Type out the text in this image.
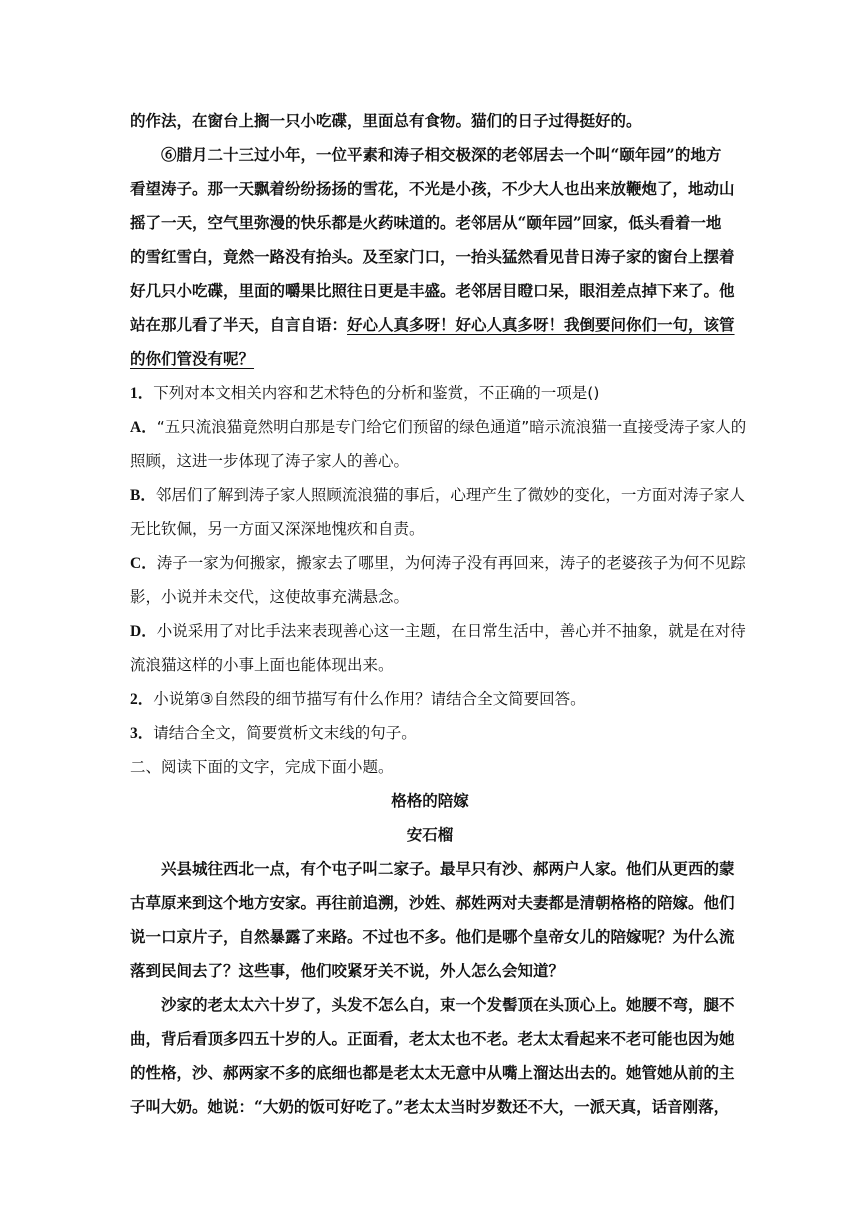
的作法，在窗台上搁一只小吃碟，里面总有食物。猫们的日子过得挺好的。
⑥腊月二十三过小年，一位平素和涛子相交极深的老邻居去一个叫“颐年园”的地方
看望涛子。那一天飘着纷纷扬扬的雪花，不光是小孩，不少大人也出来放鞭炮了，地动山
摇了一天，空气里弥漫的快乐都是火药味道的。老邻居从“颐年园”回家，低头看着一地
的雪红雪白，竟然一路没有抬头。及至家门口，一抬头猛然看见昔日涛子家的窗台上摆着
好几只小吃碟，里面的嚼果比照往日更是丰盛。老邻居目瞪口呆，眼泪差点掉下来了。他
站在那儿看了半天，自言自语：好心人真多呀！好心人真多呀！我倒要问你们一句，该管
的你们管没有呢？
1．下列对本文相关内容和艺术特色的分析和鉴赏，不正确的一项是()
A．“五只流浪猫竟然明白那是专门给它们预留的绿色通道”暗示流浪猫一直接受涛子家人的
照顾，这进一步体现了涛子家人的善心。
B．邻居们了解到涛子家人照顾流浪猫的事后，心理产生了微妙的变化，一方面对涛子家人
无比钦佩，另一方面又深深地愧疚和自责。
C．涛子一家为何搬家，搬家去了哪里，为何涛子没有再回来，涛子的老婆孩子为何不见踪
影，小说并未交代，这使故事充满悬念。
D．小说采用了对比手法来表现善心这一主题，在日常生活中，善心并不抽象，就是在对待
流浪猫这样的小事上面也能体现出来。
2．小说第③自然段的细节描写有什么作用？请结合全文简要回答。
3．请结合全文，简要赏析文末线的句子。
二、阅读下面的文字，完成下面小题。
格格的陪嫁
安石榴
兴县城往西北一点，有个屯子叫二家子。最早只有沙、郝两户人家。他们从更西的蒙
古草原来到这个地方安家。再往前追溯，沙姓、郝姓两对夫妻都是清朝格格的陪嫁。他们
说一口京片子，自然暴露了来路。不过也不多。他们是哪个皇帝女儿的陪嫁呢？为什么流
落到民间去了？这些事，他们咬紧牙关不说，外人怎么会知道？
沙家的老太太六十岁了，头发不怎么白，束一个发髻顶在头顶心上。她腰不弯，腿不
曲，背后看顶多四五十岁的人。正面看，老太太也不老。老太太看起来不老可能也因为她
的性格，沙、郝两家不多的底细也都是老太太无意中从嘴上溜达出去的。她管她从前的主
子叫大奶。她说：“大奶的饭可好吃了。”老太太当时岁数还不大，一派天真，话音刚落，
